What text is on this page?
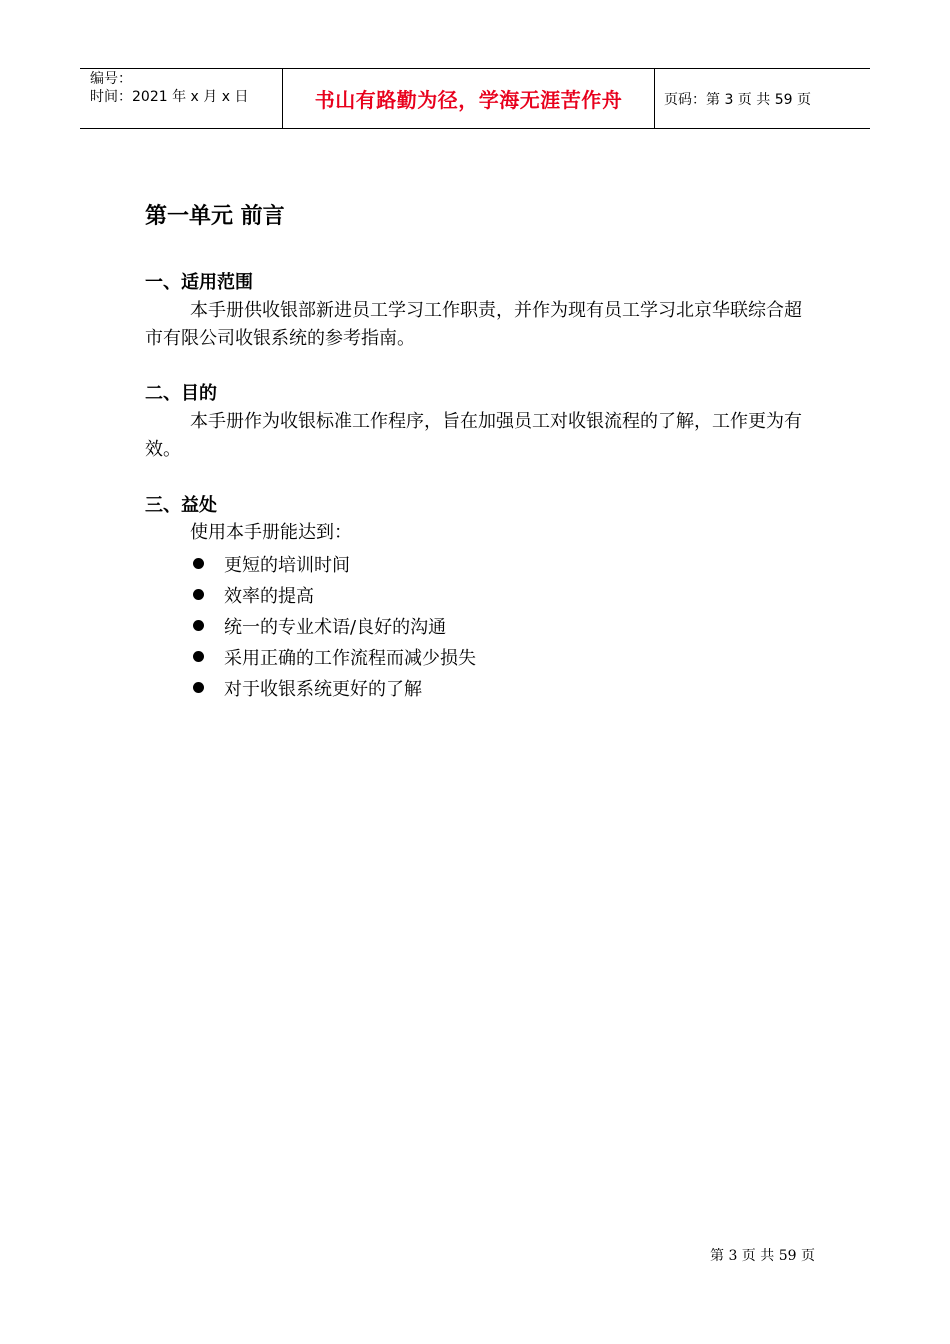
编号：
时间：2021 年 x 月 x 日	书山有路勤为径，学海无涯苦作舟	页码：第 3 页 共 59 页
第一单元 前言
一、适用范围

本手册供收银部新进员工学习工作职责，并作为现有员工学习北京华联综合超市有限公司收银系统的参考指南。

二、目的

本手册作为收银标准工作程序，旨在加强员工对收银流程的了解，工作更为有效。

三、益处

使用本手册能达到：

更短的培训时间
效率的提高
统一的专业术语/良好的沟通
采用正确的工作流程而减少损失
对于收银系统更好的了解

第 3 页 共 59 页
